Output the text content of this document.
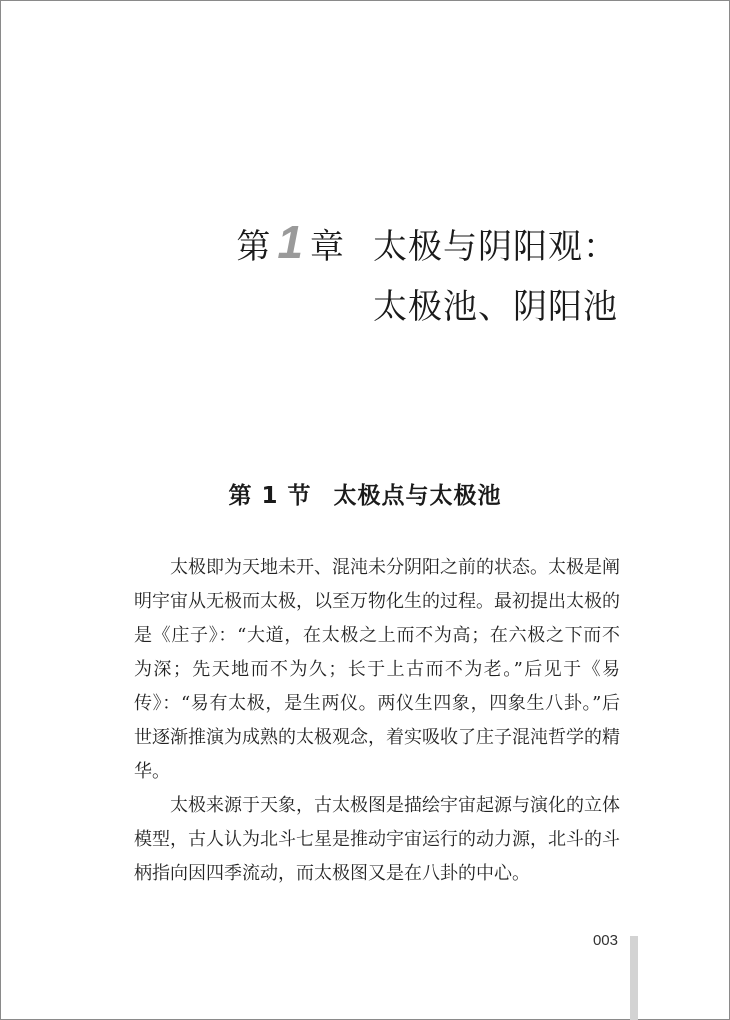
第 1 章 太极与阴阳观：
太极池、阴阳池
第 1 节 太极点与太极池

太极即为天地未开、混沌未分阴阳之前的状态。太极是阐明宇宙从无极而太极，以至万物化生的过程。最初提出太极的是《庄子》：“大道，在太极之上而不为高；在六极之下而不为深；先天地而不为久；长于上古而不为老。”后见于《易传》：“易有太极，是生两仪。两仪生四象，四象生八卦。”后世逐渐推演为成熟的太极观念，着实吸收了庄子混沌哲学的精华。

太极来源于天象，古太极图是描绘宇宙起源与演化的立体模型，古人认为北斗七星是推动宇宙运行的动力源，北斗的斗柄指向因四季流动，而太极图又是在八卦的中心。

003
